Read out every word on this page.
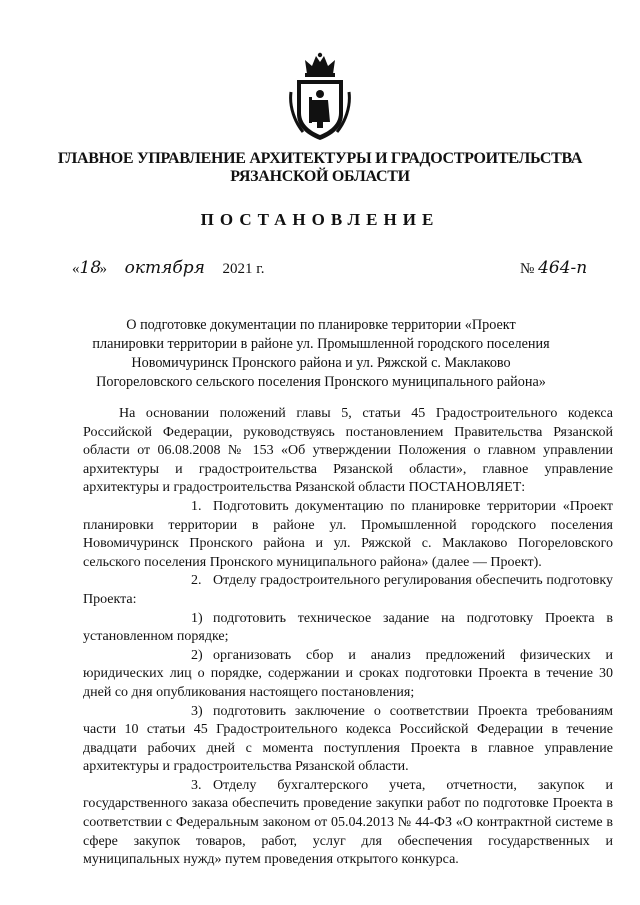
ГЛАВНОЕ УПРАВЛЕНИЕ АРХИТЕКТУРЫ И ГРАДОСТРОИТЕЛЬСТВА
РЯЗАНСКОЙ ОБЛАСТИ
ПОСТАНОВЛЕНИЕ
«18» октября 2021 г.	№ 464-п
О подготовке документации по планировке территории «Проект планировки территории в районе ул. Промышленной городского поселения Новомичуринск Пронского района и ул. Ряжской с. Маклаково Погореловского сельского поселения Пронского муниципального района»

На основании положений главы 5, статьи 45 Градостроительного кодекса Российской Федерации, руководствуясь постановлением Правительства Рязанской области от 06.08.2008 № 153 «Об утверждении Положения о главном управлении архитектуры и градостроительства Рязанской области», главное управление архитектуры и градостроительства Рязанской области ПОСТАНОВЛЯЕТ:

1. Подготовить документацию по планировке территории «Проект планировки территории в районе ул. Промышленной городского поселения Новомичуринск Пронского района и ул. Ряжской с. Маклаково Погореловского сельского поселения Пронского муниципального района» (далее — Проект).

2. Отделу градостроительного регулирования обеспечить подготовку Проекта:

1) подготовить техническое задание на подготовку Проекта в установленном порядке;

2) организовать сбор и анализ предложений физических и юридических лиц о порядке, содержании и сроках подготовки Проекта в течение 30 дней со дня опубликования настоящего постановления;

3) подготовить заключение о соответствии Проекта требованиям части 10 статьи 45 Градостроительного кодекса Российской Федерации в течение двадцати рабочих дней с момента поступления Проекта в главное управление архитектуры и градостроительства Рязанской области.

3. Отделу бухгалтерского учета, отчетности, закупок и государственного заказа обеспечить проведение закупки работ по подготовке Проекта в соответствии с Федеральным законом от 05.04.2013 № 44-ФЗ «О контрактной системе в сфере закупок товаров, работ, услуг для обеспечения государственных и муниципальных нужд» путем проведения открытого конкурса.
